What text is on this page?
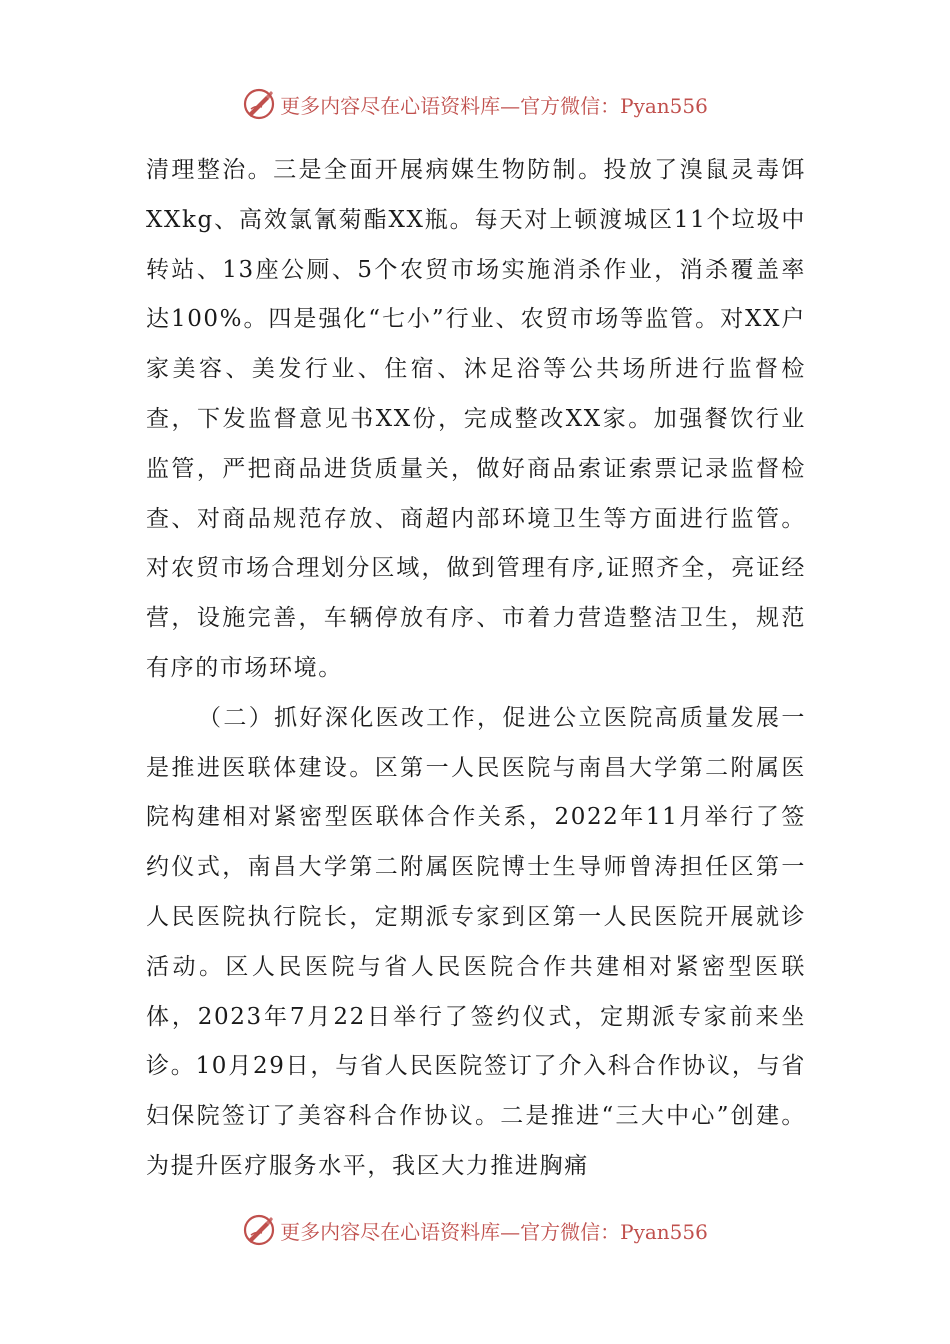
更多内容尽在心语资料库—官方微信：Pyan556

清理整治。三是全面开展病媒生物防制。投放了溴鼠灵毒饵XXkg、高效氯氰菊酯XX瓶。每天对上顿渡城区11个垃圾中转站、13座公厕、5个农贸市场实施消杀作业，消杀覆盖率达100%。四是强化“七小”行业、农贸市场等监管。对XX户家美容、美发行业、住宿、沐足浴等公共场所进行监督检查，下发监督意见书XX份，完成整改XX家。加强餐饮行业监管，严把商品进货质量关，做好商品索证索票记录监督检查、对商品规范存放、商超内部环境卫生等方面进行监管。对农贸市场合理划分区域，做到管理有序,证照齐全，亮证经营，设施完善，车辆停放有序、市着力营造整洁卫生，规范有序的市场环境。

（二）抓好深化医改工作，促进公立医院高质量发展一是推进医联体建设。区第一人民医院与南昌大学第二附属医院构建相对紧密型医联体合作关系，2022年11月举行了签约仪式，南昌大学第二附属医院博士生导师曾涛担任区第一人民医院执行院长，定期派专家到区第一人民医院开展就诊活动。区人民医院与省人民医院合作共建相对紧密型医联体，2023年7月22日举行了签约仪式，定期派专家前来坐诊。10月29日，与省人民医院签订了介入科合作协议，与省妇保院签订了美容科合作协议。二是推进“三大中心”创建。为提升医疗服务水平，我区大力推进胸痛

更多内容尽在心语资料库—官方微信：Pyan556
